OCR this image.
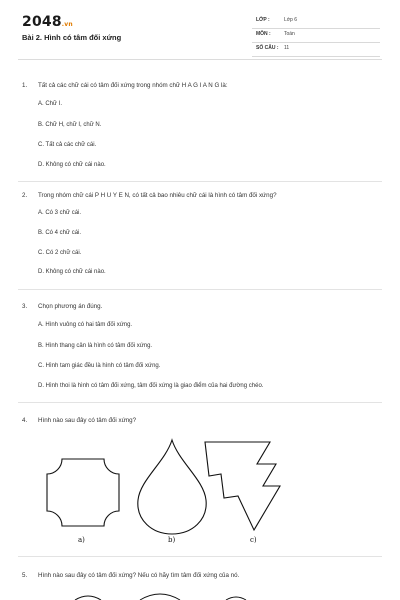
2048.vn
Bài 2. Hình có tâm đối xứng
LỚP :	Lớp 6
MÔN :	Toán
SỐ CÂU : 11
1. Tất cả các chữ cái có tâm đối xứng trong nhóm chữ H A G I A N G là:
A. Chữ I.
B. Chữ H, chữ I, chữ N.
C. Tất cả các chữ cái.
D. Không có chữ cái nào.
2. Trong nhóm chữ cái P H U Y E N, có tất cả bao nhiêu chữ cái là hình có tâm đối xứng?
A. Có 3 chữ cái.
B. Có 4 chữ cái.
C. Có 2 chữ cái.
D. Không có chữ cái nào.
3. Chọn phương án đúng.
A. Hình vuông có hai tâm đối xứng.
B. Hình thang cân là hình có tâm đối xứng.
C. Hình tam giác đều là hình có tâm đối xứng.
D. Hình thoi là hình có tâm đối xứng, tâm đối xứng là giao điểm của hai đường chéo.
4. Hình nào sau đây có tâm đối xứng?
a)	b)	c)
5. Hình nào sau đây có tâm đối xứng? Nếu có hãy tìm tâm đối xứng của nó.
